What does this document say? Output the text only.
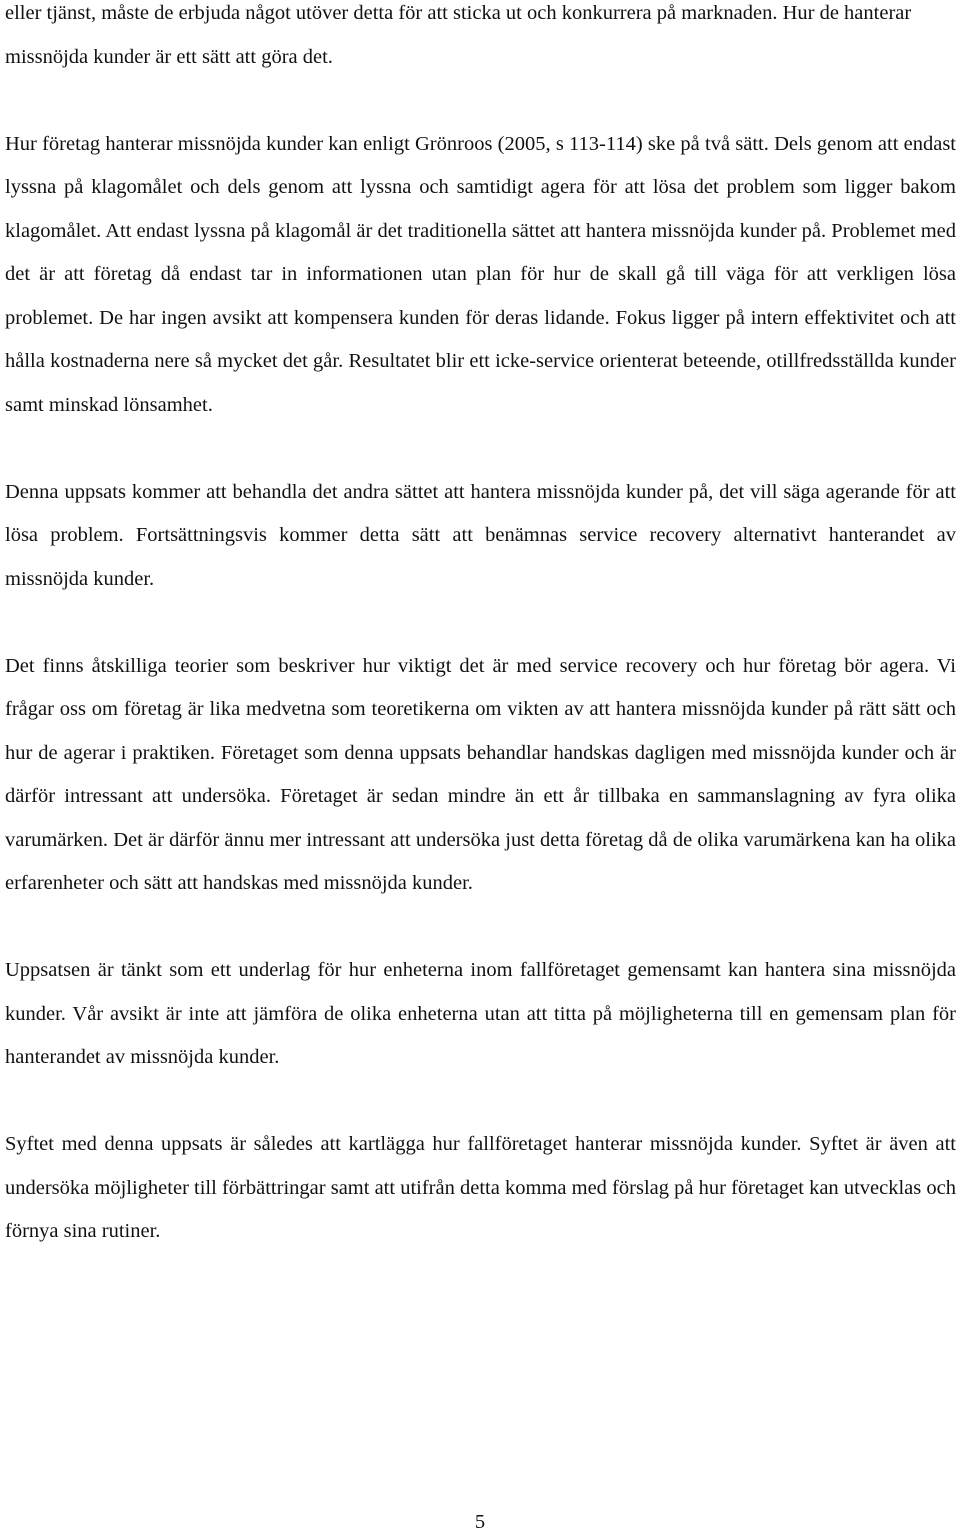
eller tjänst, måste de erbjuda något utöver detta för att sticka ut och konkurrera på marknaden. Hur de hanterar missnöjda kunder är ett sätt att göra det.

Hur företag hanterar missnöjda kunder kan enligt Grönroos (2005, s 113-114) ske på två sätt. Dels genom att endast lyssna på klagomålet och dels genom att lyssna och samtidigt agera för att lösa det problem som ligger bakom klagomålet. Att endast lyssna på klagomål är det traditionella sättet att hantera missnöjda kunder på. Problemet med det är att företag då endast tar in informationen utan plan för hur de skall gå till väga för att verkligen lösa problemet. De har ingen avsikt att kompensera kunden för deras lidande. Fokus ligger på intern effektivitet och att hålla kostnaderna nere så mycket det går. Resultatet blir ett icke-service orienterat beteende, otillfredsställda kunder samt minskad lönsamhet.

Denna uppsats kommer att behandla det andra sättet att hantera missnöjda kunder på, det vill säga agerande för att lösa problem. Fortsättningsvis kommer detta sätt att benämnas service recovery alternativt hanterandet av missnöjda kunder.

Det finns åtskilliga teorier som beskriver hur viktigt det är med service recovery och hur företag bör agera. Vi frågar oss om företag är lika medvetna som teoretikerna om vikten av att hantera missnöjda kunder på rätt sätt och hur de agerar i praktiken. Företaget som denna uppsats behandlar handskas dagligen med missnöjda kunder och är därför intressant att undersöka. Företaget är sedan mindre än ett år tillbaka en sammanslagning av fyra olika varumärken. Det är därför ännu mer intressant att undersöka just detta företag då de olika varumärkena kan ha olika erfarenheter och sätt att handskas med missnöjda kunder.

Uppsatsen är tänkt som ett underlag för hur enheterna inom fallföretaget gemensamt kan hantera sina missnöjda kunder. Vår avsikt är inte att jämföra de olika enheterna utan att titta på möjligheterna till en gemensam plan för hanterandet av missnöjda kunder.

Syftet med denna uppsats är således att kartlägga hur fallföretaget hanterar missnöjda kunder. Syftet är även att undersöka möjligheter till förbättringar samt att utifrån detta komma med förslag på hur företaget kan utvecklas och förnya sina rutiner.

5
